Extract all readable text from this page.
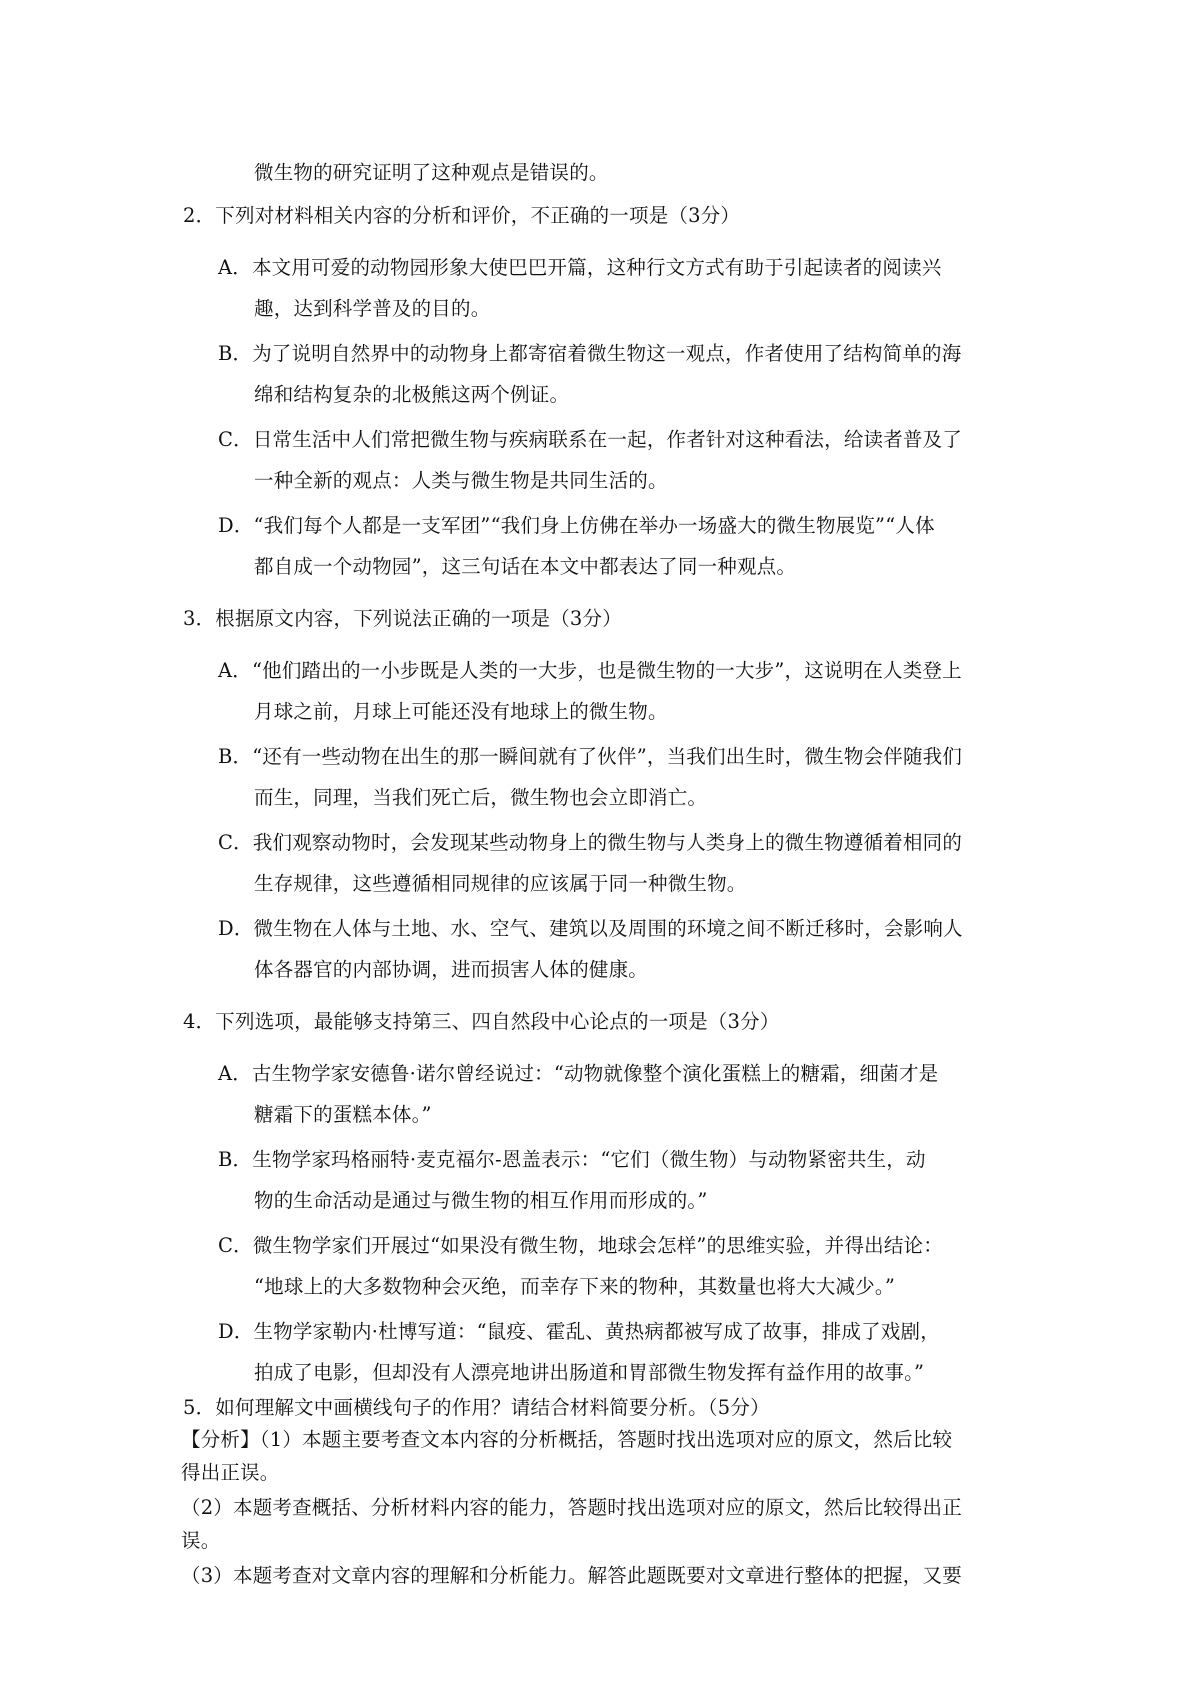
微生物的研究证明了这种观点是错误的。
2．下列对材料相关内容的分析和评价，不正确的一项是（3分）
A．本文用可爱的动物园形象大使巴巴开篇，这种行文方式有助于引起读者的阅读兴
趣，达到科学普及的目的。
B．为了说明自然界中的动物身上都寄宿着微生物这一观点，作者使用了结构简单的海
绵和结构复杂的北极熊这两个例证。
C．日常生活中人们常把微生物与疾病联系在一起，作者针对这种看法，给读者普及了
一种全新的观点：人类与微生物是共同生活的。
D．“我们每个人都是一支军团”“我们身上仿佛在举办一场盛大的微生物展览”“人体
都自成一个动物园”，这三句话在本文中都表达了同一种观点。
3．根据原文内容，下列说法正确的一项是（3分）
A．“他们踏出的一小步既是人类的一大步，也是微生物的一大步”，这说明在人类登上
月球之前，月球上可能还没有地球上的微生物。
B．“还有一些动物在出生的那一瞬间就有了伙伴”，当我们出生时，微生物会伴随我们
而生，同理，当我们死亡后，微生物也会立即消亡。
C．我们观察动物时，会发现某些动物身上的微生物与人类身上的微生物遵循着相同的
生存规律，这些遵循相同规律的应该属于同一种微生物。
D．微生物在人体与土地、水、空气、建筑以及周围的环境之间不断迁移时，会影响人
体各器官的内部协调，进而损害人体的健康。
4．下列选项，最能够支持第三、四自然段中心论点的一项是（3分）
A．古生物学家安德鲁·诺尔曾经说过：“动物就像整个演化蛋糕上的糖霜，细菌才是
糖霜下的蛋糕本体。”
B．生物学家玛格丽特·麦克福尔-恩盖表示：“它们（微生物）与动物紧密共生，动
物的生命活动是通过与微生物的相互作用而形成的。”
C．微生物学家们开展过“如果没有微生物，地球会怎样”的思维实验，并得出结论：
“地球上的大多数物种会灭绝，而幸存下来的物种，其数量也将大大减少。”
D．生物学家勒内·杜博写道：“鼠疫、霍乱、黄热病都被写成了故事，排成了戏剧，
拍成了电影，但却没有人漂亮地讲出肠道和胃部微生物发挥有益作用的故事。”
5．如何理解文中画横线句子的作用？请结合材料简要分析。（5分）
【分析】（1）本题主要考查文本内容的分析概括，答题时找出选项对应的原文，然后比较
得出正误。
（2）本题考查概括、分析材料内容的能力，答题时找出选项对应的原文，然后比较得出正
误。
（3）本题考查对文章内容的理解和分析能力。解答此题既要对文章进行整体的把握，又要
